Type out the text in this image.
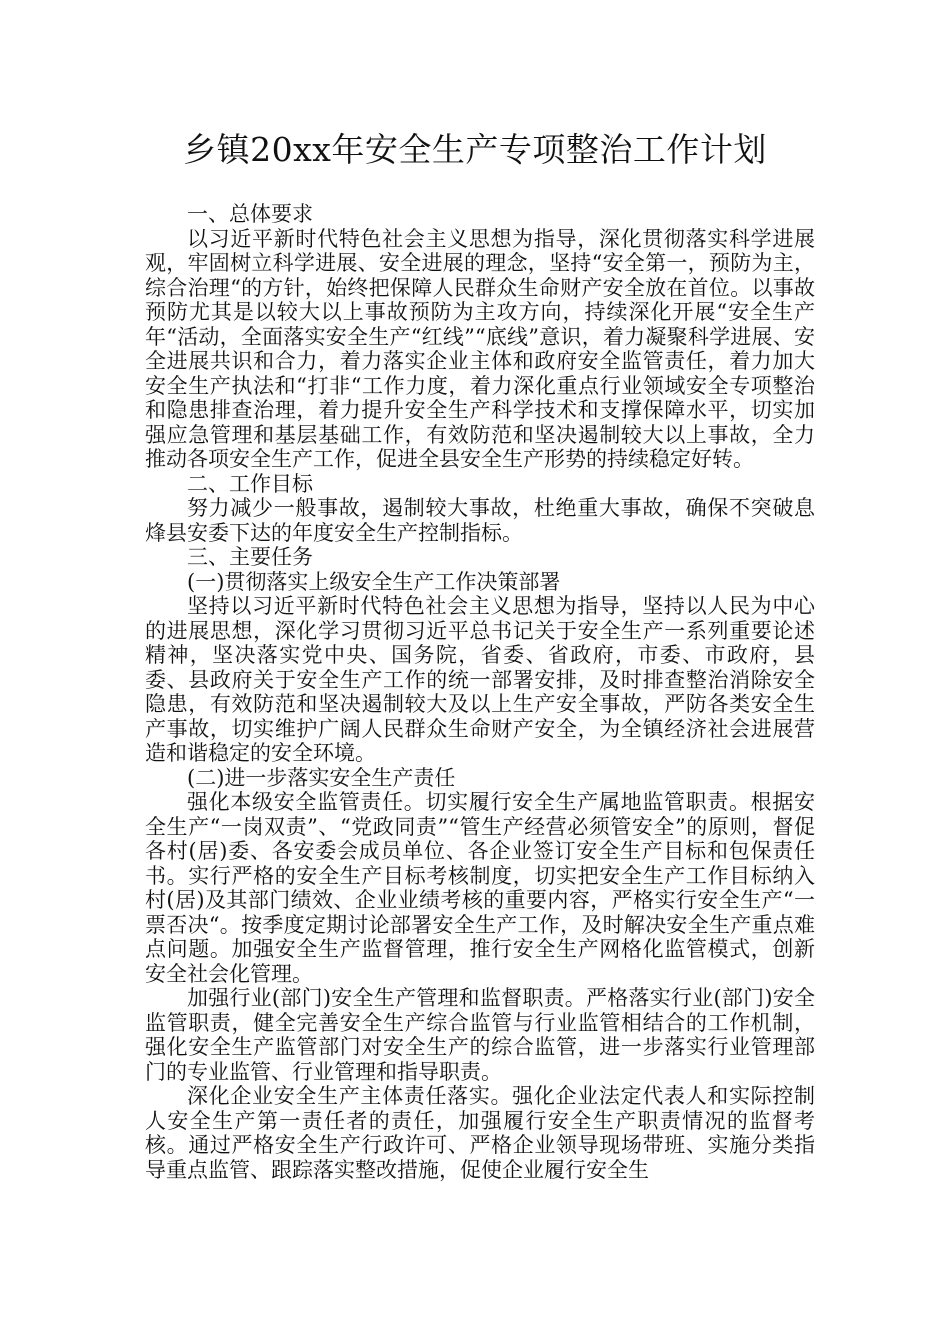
乡镇20xx年安全生产专项整治工作计划

一、总体要求

以习近平新时代特色社会主义思想为指导，深化贯彻落实科学进展观，牢固树立科学进展、安全进展的理念，坚持“安全第一，预防为主，综合治理“的方针，始终把保障人民群众生命财产安全放在首位。以事故预防尤其是以较大以上事故预防为主攻方向，持续深化开展“安全生产年“活动，全面落实安全生产“红线”“底线”意识，着力凝聚科学进展、安全进展共识和合力，着力落实企业主体和政府安全监管责任，着力加大安全生产执法和“打非“工作力度，着力深化重点行业领域安全专项整治和隐患排查治理，着力提升安全生产科学技术和支撑保障水平，切实加强应急管理和基层基础工作，有效防范和坚决遏制较大以上事故，全力推动各项安全生产工作，促进全县安全生产形势的持续稳定好转。

二、工作目标

努力减少一般事故，遏制较大事故，杜绝重大事故，确保不突破息烽县安委下达的年度安全生产控制指标。

三、主要任务

(一)贯彻落实上级安全生产工作决策部署

坚持以习近平新时代特色社会主义思想为指导，坚持以人民为中心的进展思想，深化学习贯彻习近平总书记关于安全生产一系列重要论述精神，坚决落实党中央、国务院，省委、省政府，市委、市政府，县委、县政府关于安全生产工作的统一部署安排，及时排查整治消除安全隐患，有效防范和坚决遏制较大及以上生产安全事故，严防各类安全生产事故，切实维护广阔人民群众生命财产安全，为全镇经济社会进展营造和谐稳定的安全环境。

(二)进一步落实安全生产责任

强化本级安全监管责任。切实履行安全生产属地监管职责。根据安全生产“一岗双责”、“党政同责”“管生产经营必须管安全”的原则，督促各村(居)委、各安委会成员单位、各企业签订安全生产目标和包保责任书。实行严格的安全生产目标考核制度，切实把安全生产工作目标纳入村(居)及其部门绩效、企业业绩考核的重要内容，严格实行安全生产“一票否决“。按季度定期讨论部署安全生产工作，及时解决安全生产重点难点问题。加强安全生产监督管理，推行安全生产网格化监管模式，创新安全社会化管理。

加强行业(部门)安全生产管理和监督职责。严格落实行业(部门)安全监管职责，健全完善安全生产综合监管与行业监管相结合的工作机制，强化安全生产监管部门对安全生产的综合监管，进一步落实行业管理部门的专业监管、行业管理和指导职责。

深化企业安全生产主体责任落实。强化企业法定代表人和实际控制人安全生产第一责任者的责任，加强履行安全生产职责情况的监督考核。通过严格安全生产行政许可、严格企业领导现场带班、实施分类指导重点监管、跟踪落实整改措施，促使企业履行安全生
